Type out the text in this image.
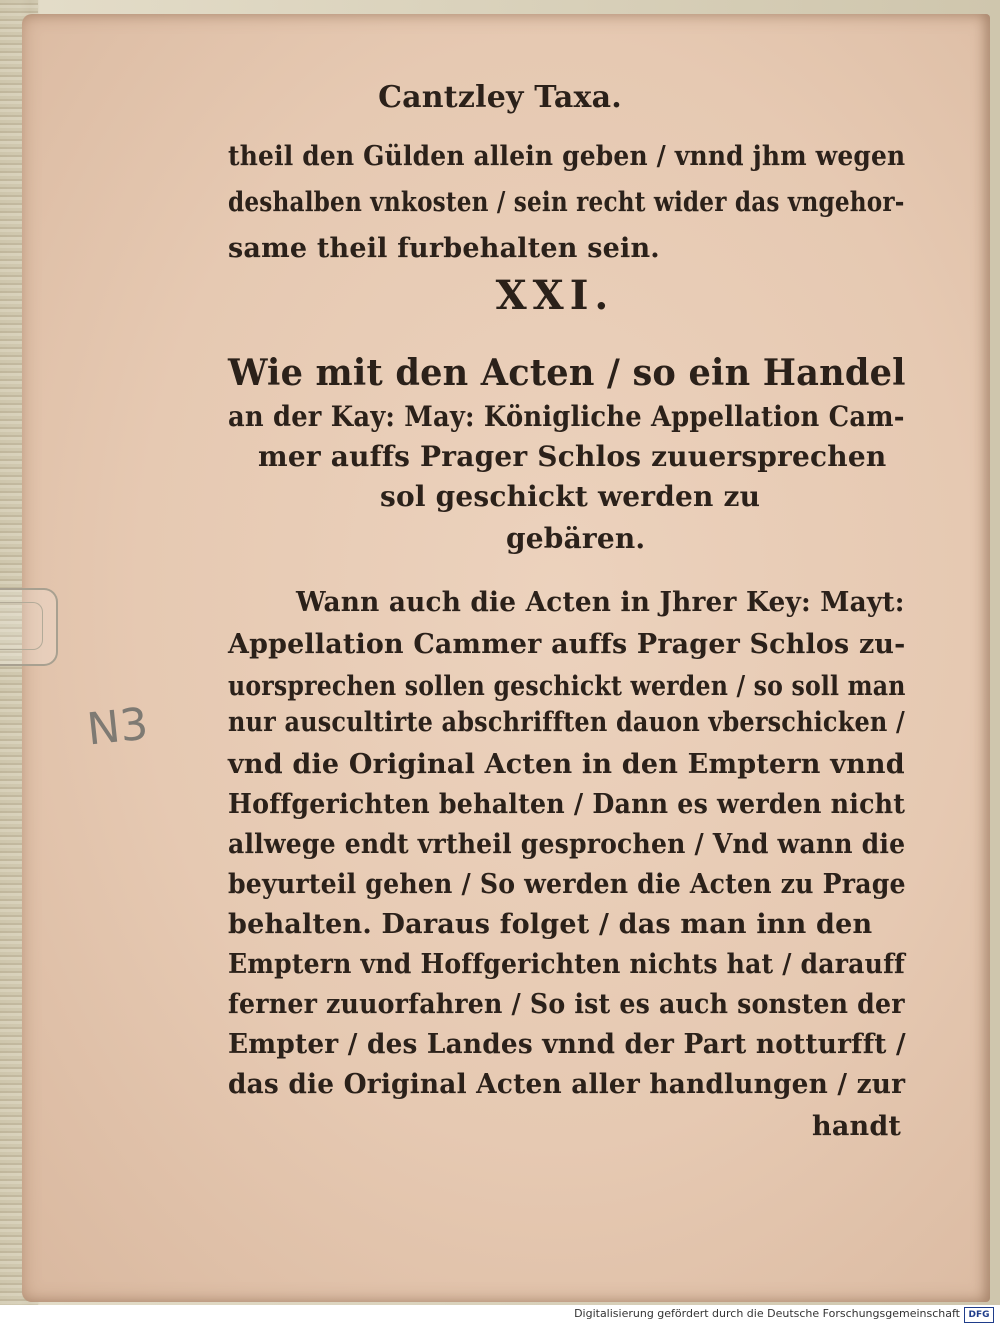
Cantzley Taxa.
theil den Gülden allein geben / vnnd jhm wegen
deshalben vnkosten / sein recht wider das vngehor-
same theil furbehalten sein.
XXI.
Wie mit den Acten / so ein Handel
an der Kay: May: Königliche Appellation Cam-
mer auffs Prager Schlos zuuersprechen
sol geschickt werden zu
gebären.
Wann auch die Acten in Jhrer Key: Mayt:
Appellation Cammer auffs Prager Schlos zu-
uorsprechen sollen geschickt werden / so soll man
nur auscultirte abschrifften dauon vberschicken /
vnd die Original Acten in den Emptern vnnd
Hoffgerichten behalten / Dann es werden nicht
allwege endt vrtheil gesprochen / Vnd wann die
beyurteil gehen / So werden die Acten zu Prage
behalten. Daraus folget / das man inn den
Emptern vnd Hoffgerichten nichts hat / darauff
ferner zuuorfahren / So ist es auch sonsten der
Empter / des Landes vnnd der Part notturfft /
das die Original Acten aller handlungen / zur
handt
N3
Digitalisierung gefördert durch die Deutsche Forschungsgemeinschaft DFG
